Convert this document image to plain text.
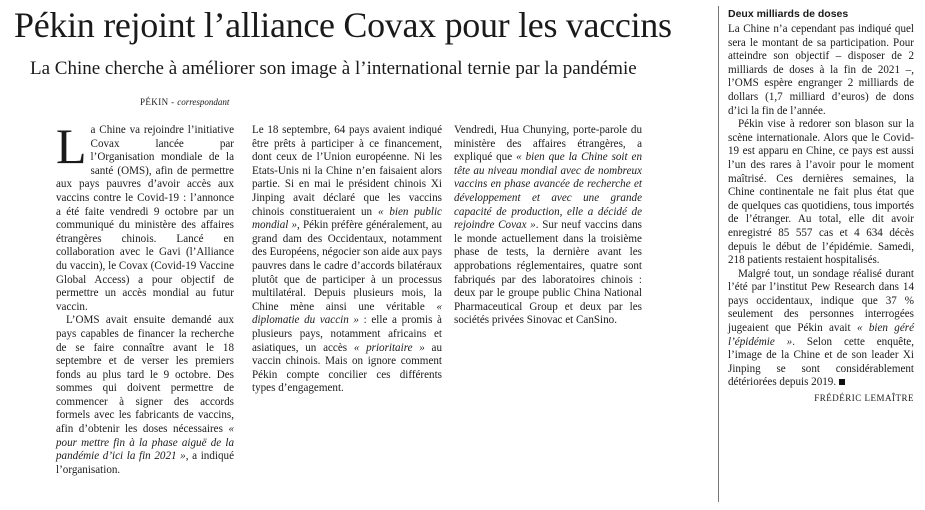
Pékin rejoint l’alliance Covax pour les vaccins
La Chine cherche à améliorer son image à l’international ternie par la pandémie
PÉKIN - correspondant

La Chine va rejoindre l’initiative Covax lancée par l’Organisation mondiale de la santé (OMS), afin de permettre aux pays pauvres d’avoir accès aux vaccins contre le Covid-19 : l’annonce a été faite vendredi 9 octobre par un communiqué du ministère des affaires étrangères chinois. Lancé en collaboration avec le Gavi (l’Alliance du vaccin), le Covax (Covid-19 Vaccine Global Access) a pour objectif de permettre un accès mondial au futur vaccin.

L’OMS avait ensuite demandé aux pays capables de financer la recherche de se faire connaître avant le 18 septembre et de verser les premiers fonds au plus tard le 9 octobre. Des sommes qui doivent permettre de commencer à signer des accords formels avec les fabricants de vaccins, afin d’obtenir les doses nécessaires « pour mettre fin à la phase aiguë de la pandémie d’ici la fin 2021 », a indiqué l’organisation.

Le 18 septembre, 64 pays avaient indiqué être prêts à participer à ce financement, dont ceux de l’Union européenne. Ni les Etats-Unis ni la Chine n’en faisaient alors partie. Si en mai le président chinois Xi Jinping avait déclaré que les vaccins chinois constitueraient un « bien public mondial », Pékin préfère généralement, au grand dam des Occidentaux, notamment des Européens, négocier son aide aux pays pauvres dans le cadre d’accords bilatéraux plutôt que de participer à un processus multilatéral. Depuis plusieurs mois, la Chine mène ainsi une véritable « diplomatie du vaccin » : elle a promis à plusieurs pays, notamment africains et asiatiques, un accès « prioritaire » au vaccin chinois. Mais on ignore comment Pékin compte concilier ces différents types d’engagement.

Vendredi, Hua Chunying, porte-parole du ministère des affaires étrangères, a expliqué que « bien que la Chine soit en tête au niveau mondial avec de nombreux vaccins en phase avancée de recherche et développement et avec une grande capacité de production, elle a décidé de rejoindre Covax ». Sur neuf vaccins dans le monde actuellement dans la troisième phase de tests, la dernière avant les approbations réglementaires, quatre sont fabriqués par des laboratoires chinois : deux par le groupe public China National Pharmaceutical Group et deux par les sociétés privées Sinovac et CanSino.

Deux milliards de doses

La Chine n’a cependant pas indiqué quel sera le montant de sa participation. Pour atteindre son objectif – disposer de 2 milliards de doses à la fin de 2021 –, l’OMS espère engranger 2 milliards de dollars (1,7 milliard d’euros) de dons d’ici la fin de l’année.

Pékin vise à redorer son blason sur la scène internationale. Alors que le Covid-19 est apparu en Chine, ce pays est aussi l’un des rares à l’avoir pour le moment maîtrisé. Ces dernières semaines, la Chine continentale ne fait plus état que de quelques cas quotidiens, tous importés de l’étranger. Au total, elle dit avoir enregistré 85 557 cas et 4 634 décès depuis le début de l’épidémie. Samedi, 218 patients restaient hospitalisés.

Malgré tout, un sondage réalisé durant l’été par l’institut Pew Research dans 14 pays occidentaux, indique que 37 % seulement des personnes interrogées jugeaient que Pékin avait « bien géré l’épidémie ». Selon cette enquête, l’image de la Chine et de son leader Xi Jinping se sont considérablement détériorées depuis 2019.

FRÉDÉRIC LEMAÎTRE
